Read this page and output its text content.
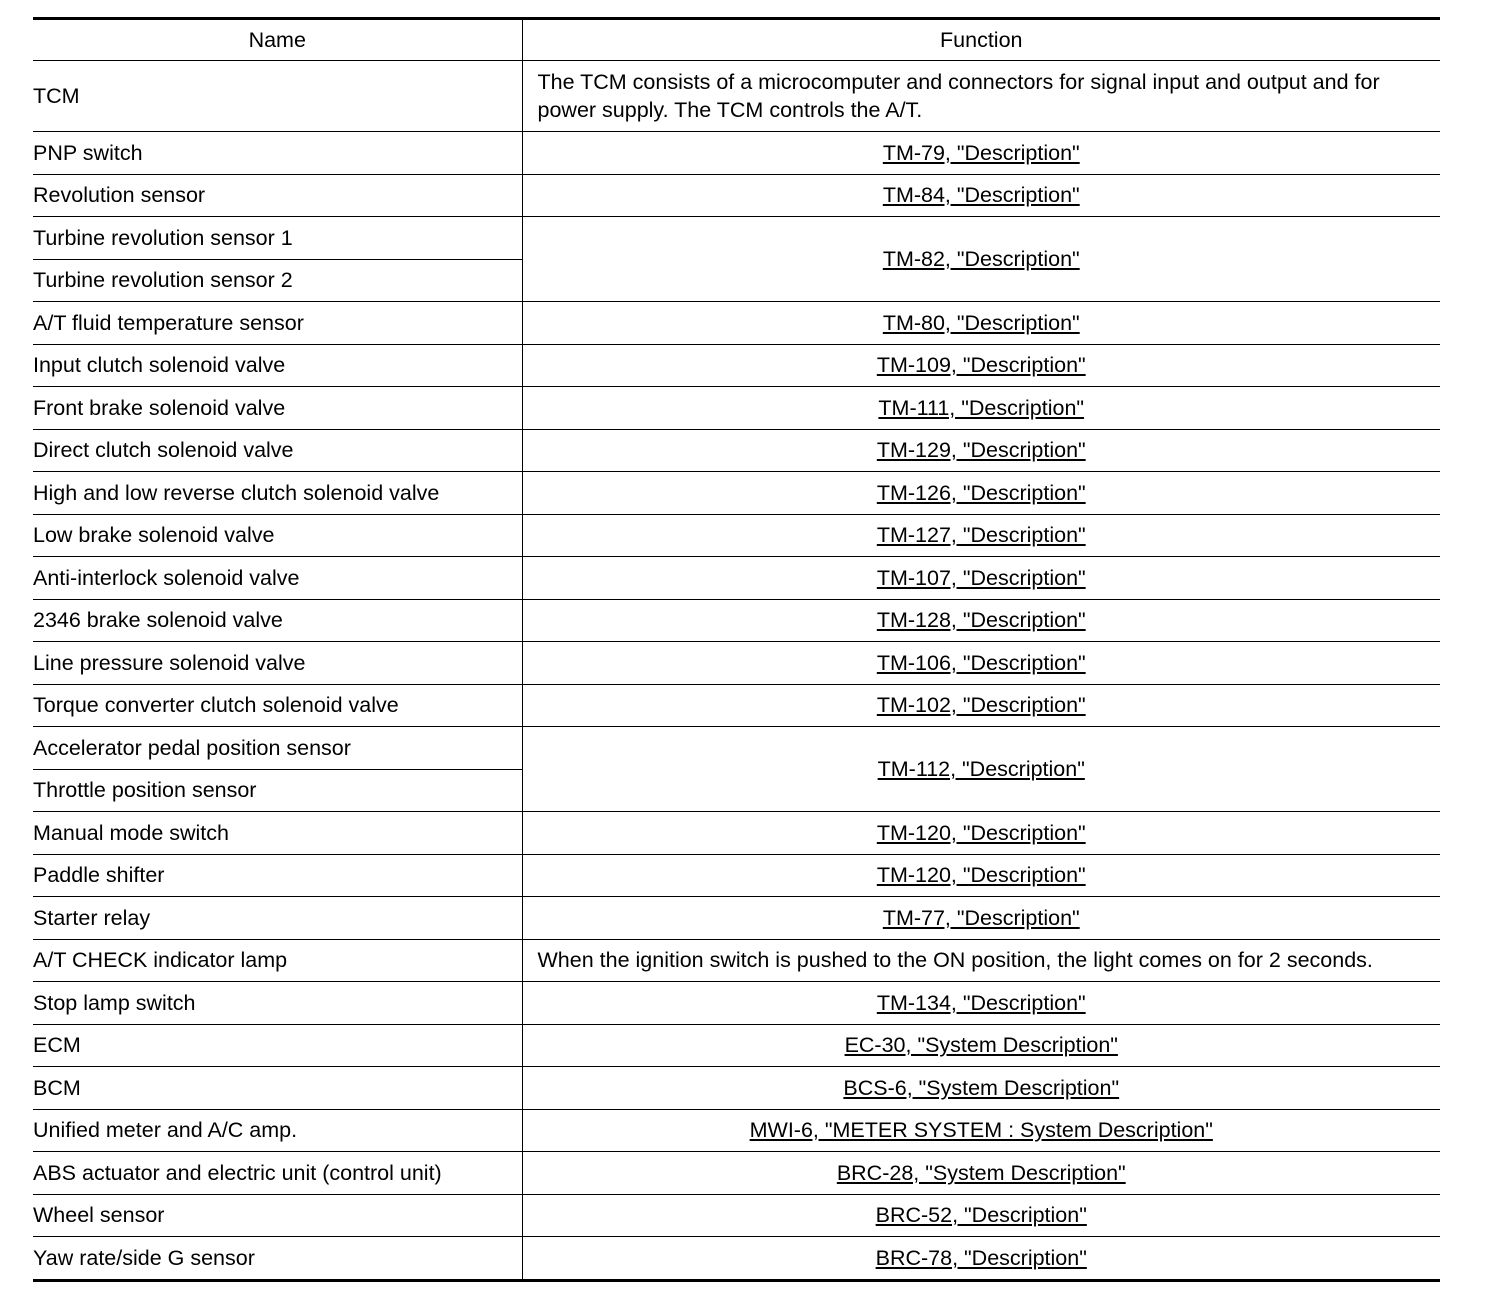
Name	Function
TCM	The TCM consists of a microcomputer and connectors for signal input and output and for power supply. The TCM controls the A/T.
PNP switch	TM-79, "Description"
Revolution sensor	TM-84, "Description"
Turbine revolution sensor 1	TM-82, "Description"
Turbine revolution sensor 2	
A/T fluid temperature sensor	TM-80, "Description"
Input clutch solenoid valve	TM-109, "Description"
Front brake solenoid valve	TM-111, "Description"
Direct clutch solenoid valve	TM-129, "Description"
High and low reverse clutch solenoid valve	TM-126, "Description"
Low brake solenoid valve	TM-127, "Description"
Anti-interlock solenoid valve	TM-107, "Description"
2346 brake solenoid valve	TM-128, "Description"
Line pressure solenoid valve	TM-106, "Description"
Torque converter clutch solenoid valve	TM-102, "Description"
Accelerator pedal position sensor	TM-112, "Description"
Throttle position sensor	
Manual mode switch	TM-120, "Description"
Paddle shifter	TM-120, "Description"
Starter relay	TM-77, "Description"
A/T CHECK indicator lamp	When the ignition switch is pushed to the ON position, the light comes on for 2 seconds.
Stop lamp switch	TM-134, "Description"
ECM	EC-30, "System Description"
BCM	BCS-6, "System Description"
Unified meter and A/C amp.	MWI-6, "METER SYSTEM : System Description"
ABS actuator and electric unit (control unit)	BRC-28, "System Description"
Wheel sensor	BRC-52, "Description"
Yaw rate/side G sensor	BRC-78, "Description"
